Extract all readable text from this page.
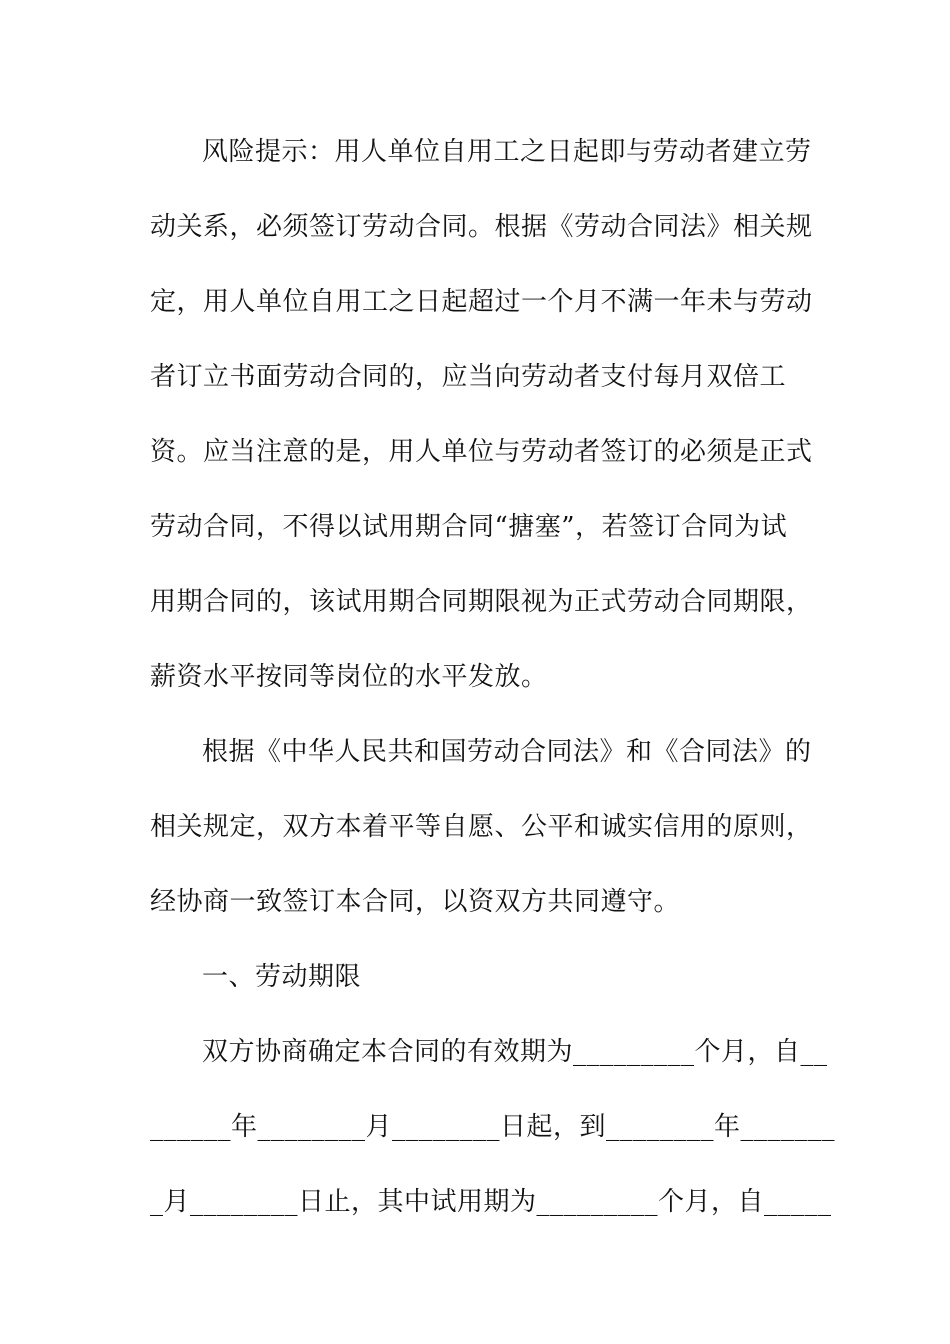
风险提示：用人单位自用工之日起即与劳动者建立劳
动关系，必须签订劳动合同。根据《劳动合同法》相关规
定，用人单位自用工之日起超过一个月不满一年未与劳动
者订立书面劳动合同的，应当向劳动者支付每月双倍工
资。应当注意的是，用人单位与劳动者签订的必须是正式
劳动合同，不得以试用期合同“搪塞”，若签订合同为试
用期合同的，该试用期合同期限视为正式劳动合同期限，
薪资水平按同等岗位的水平发放。
根据《中华人民共和国劳动合同法》和《合同法》的
相关规定，双方本着平等自愿、公平和诚实信用的原则，
经协商一致签订本合同，以资双方共同遵守。
一、劳动期限
双方协商确定本合同的有效期为_________个月，自__
______年________月________日起，到________年_______
_月________日止，其中试用期为_________个月，自_____
